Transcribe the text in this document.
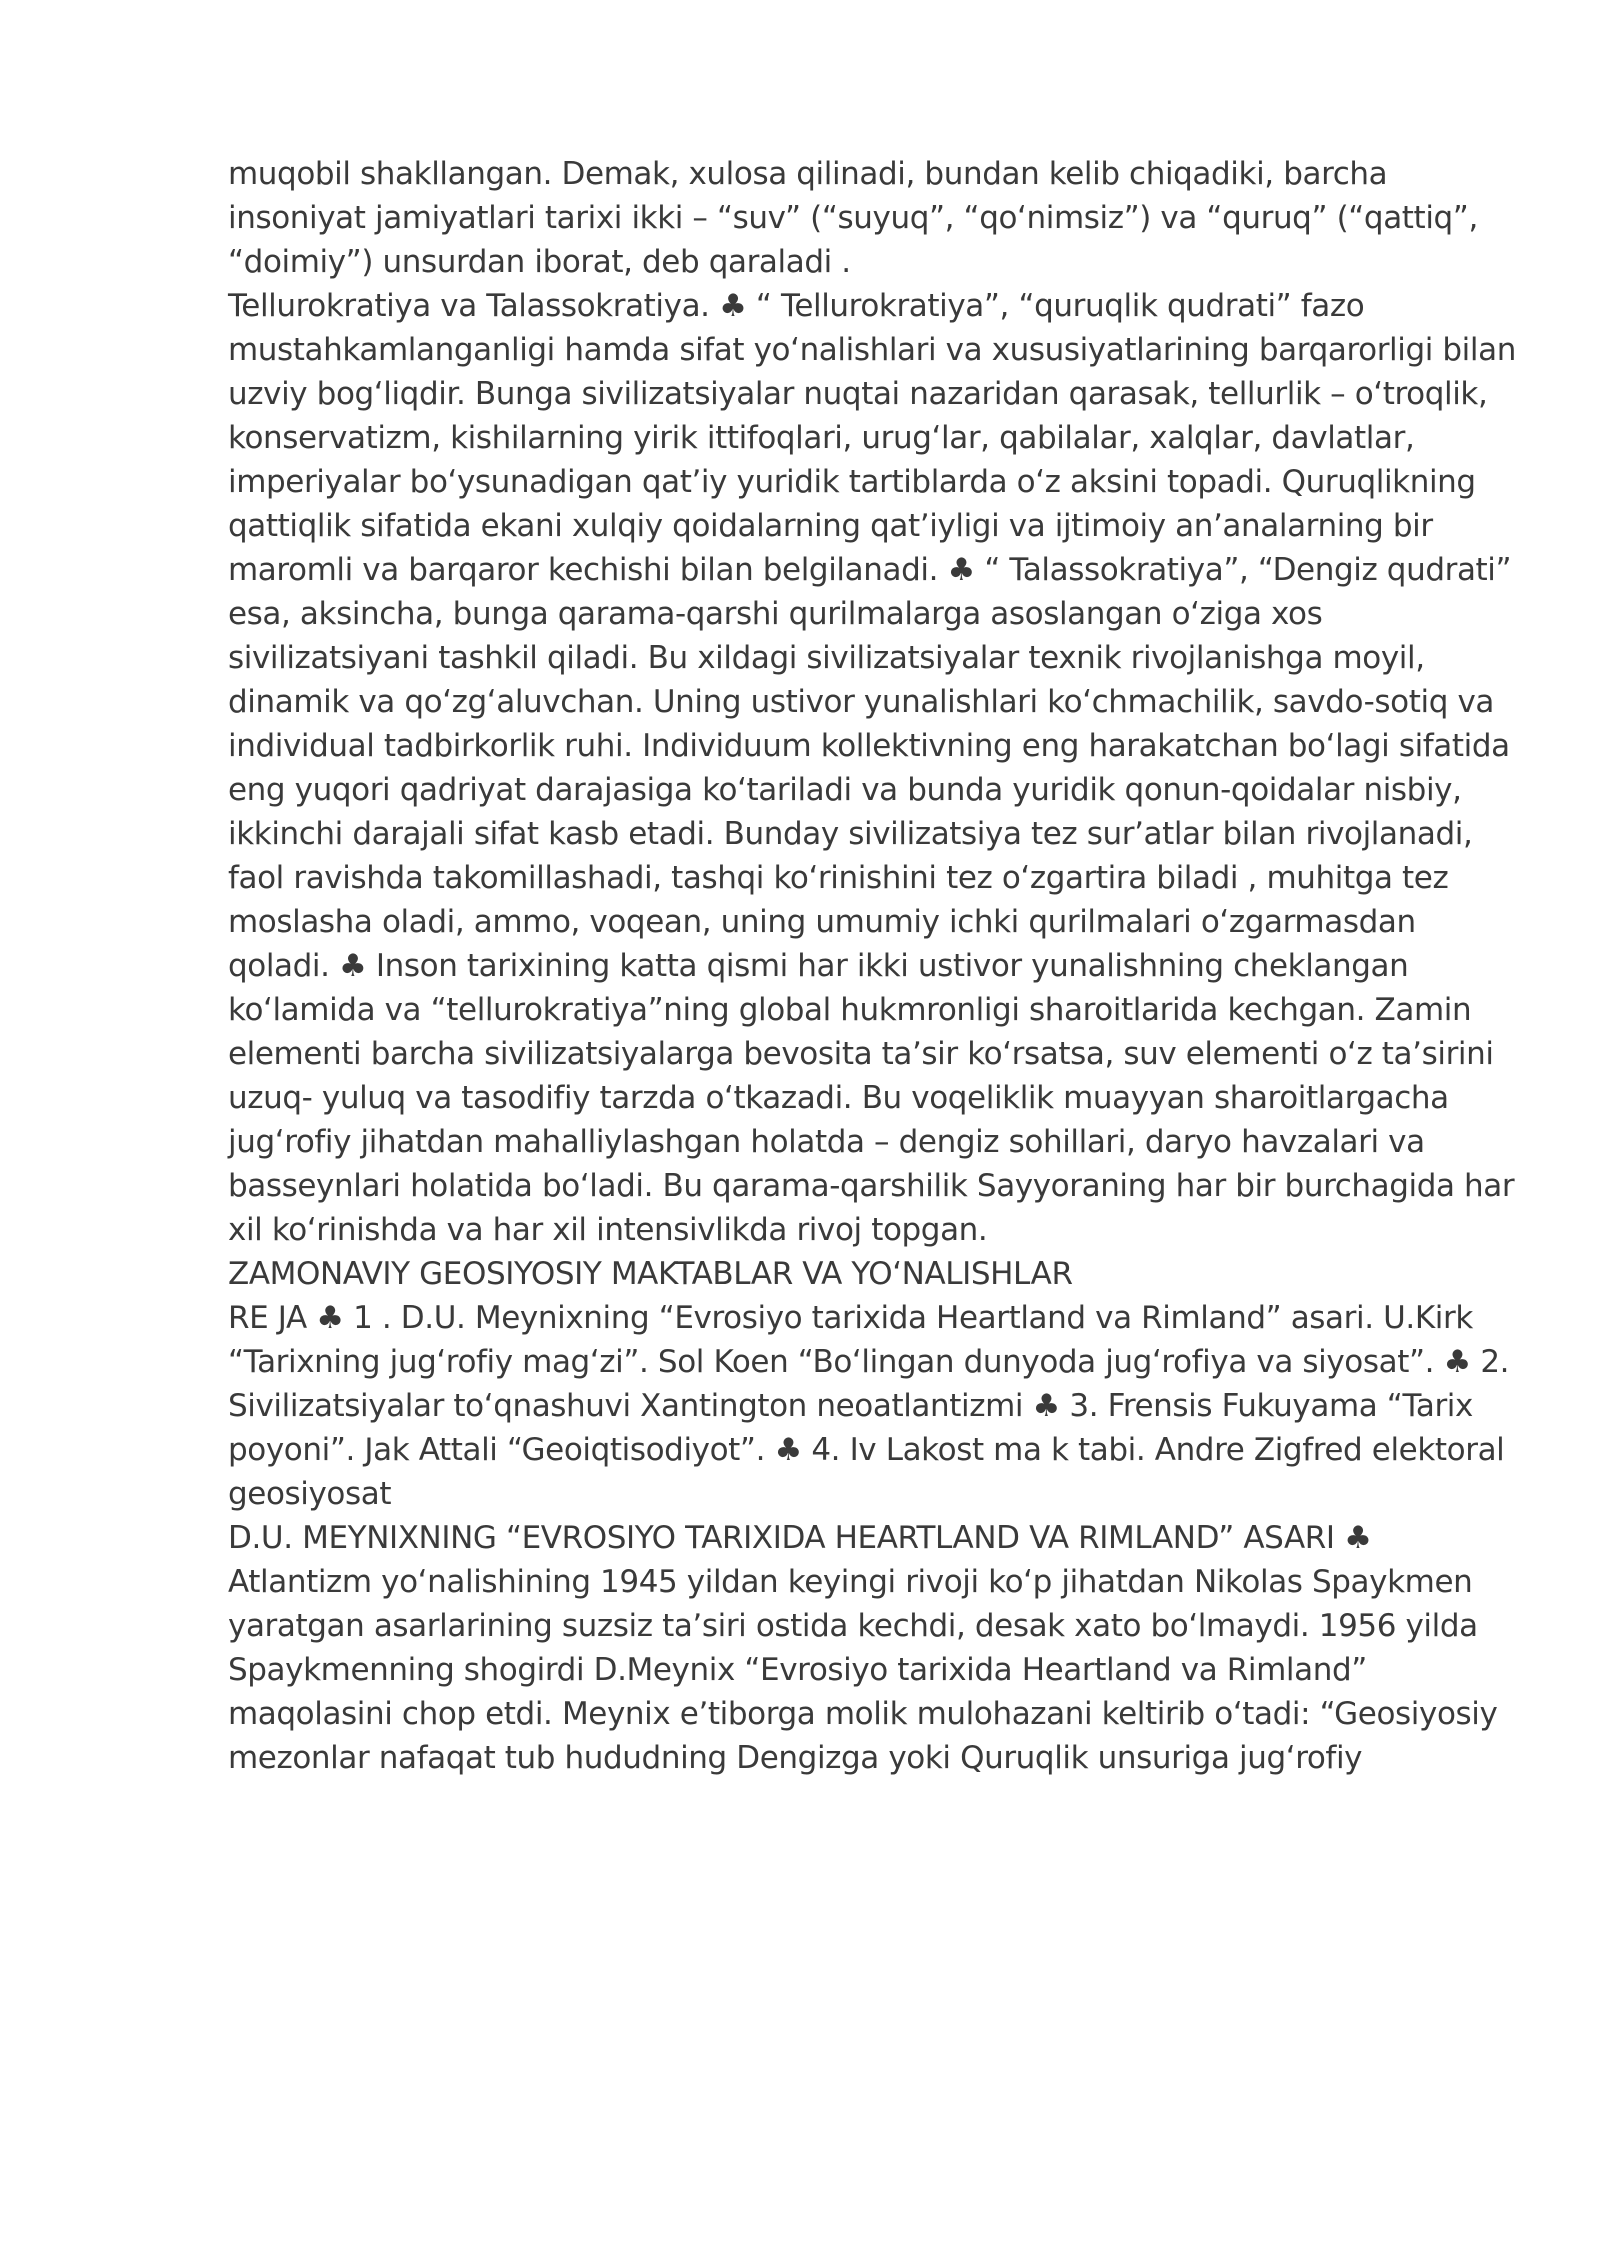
muqobil shakllangan. Demak, xulosa qilinadi, bundan kelib chiqadiki, barcha insoniyat jamiyatlari tarixi ikki – “suv” (“suyuq”, “qoʻnimsiz”) va “quruq” (“qattiq”, “doimiy”) unsurdan iborat, deb qaraladi .

Tellurokratiya va Talassokratiya. ♣ “ Tellurokratiya”, “quruqlik qudrati” fazo mustahkamlanganligi hamda sifat yoʻnalishlari va xususiyatlarining barqarorligi bilan uzviy bogʻliqdir. Bunga sivilizatsiyalar nuqtai nazaridan qarasak, tellurlik – oʻtroqlik, konservatizm, kishilarning yirik ittifoqlari, urugʻlar, qabilalar, xalqlar, davlatlar, imperiyalar boʻysunadigan qatʼiy yuridik tartiblarda oʻz aksini topadi. Quruqlikning qattiqlik sifatida ekani xulqiy qoidalarning qatʼiyligi va ijtimoiy anʼanalarning bir maromli va barqaror kechishi bilan belgilanadi. ♣ “ Talassokratiya”, “Dengiz qudrati” esa, aksincha, bunga qarama-qarshi qurilmalarga asoslangan oʻziga xos sivilizatsiyani tashkil qiladi. Bu xildagi sivilizatsiyalar texnik rivojlanishga moyil, dinamik va qoʻzgʻaluvchan. Uning ustivor yunalishlari koʻchmachilik, savdo-sotiq va individual tadbirkorlik ruhi. Individuum kollektivning eng harakatchan boʻlagi sifatida eng yuqori qadriyat darajasiga koʻtariladi va bunda yuridik qonun-qoidalar nisbiy, ikkinchi darajali sifat kasb etadi. Bunday sivilizatsiya tez surʼatlar bilan rivojlanadi, faol ravishda takomillashadi, tashqi koʻrinishini tez oʻzgartira biladi , muhitga tez moslasha oladi, ammo, voqean, uning umumiy ichki qurilmalari oʻzgarmasdan qoladi. ♣ Inson tarixining katta qismi har ikki ustivor yunalishning cheklangan koʻlamida va “tellurokratiya”ning global hukmronligi sharoitlarida kechgan. Zamin elementi barcha sivilizatsiyalarga bevosita taʼsir koʻrsatsa, suv elementi oʻz taʼsirini uzuq- yuluq va tasodifiy tarzda oʻtkazadi. Bu voqeliklik muayyan sharoitlargacha jugʻrofiy jihatdan mahalliylashgan holatda – dengiz sohillari, daryo havzalari va basseynlari holatida boʻladi. Bu qarama-qarshilik Sayyoraning har bir burchagida har xil koʻrinishda va har xil intensivlikda rivoj topgan.

ZAMONAVIY GEOSIYOSIY MAKTABLAR VA YOʻNALISHLAR

RE JA ♣ 1 . D.U. Meynixning “Evrosiyo tarixida Heartland va Rimland” asari. U.Kirk “Tarixning jugʻrofiy magʻzi”. Sol Koen “Boʻlingan dunyoda jugʻrofiya va siyosat”. ♣ 2. Sivilizatsiyalar toʻqnashuvi Xantington neoatlantizmi ♣ 3. Frensis Fukuyama “Tarix poyoni”. Jak Attali “Geoiqtisodiyot”. ♣ 4. Iv Lakost ma k tabi. Andre Zigfred elektoral geosiyosat

D.U. MEYNIXNING “EVROSIYO TARIXIDA HEARTLAND VA RIMLAND” ASARI ♣ Atlantizm yoʻnalishining 1945 yildan keyingi rivoji koʻp jihatdan Nikolas Spaykmen yaratgan asarlarining suzsiz taʼsiri ostida kechdi, desak xato boʻlmaydi. 1956 yilda Spaykmenning shogirdi D.Meynix “Evrosiyo tarixida Heartland va Rimland” maqolasini chop etdi. Meynix eʼtiborga molik mulohazani keltirib oʻtadi: “Geosiyosiy mezonlar nafaqat tub hududning Dengizga yoki Quruqlik unsuriga jugʻrofiy
